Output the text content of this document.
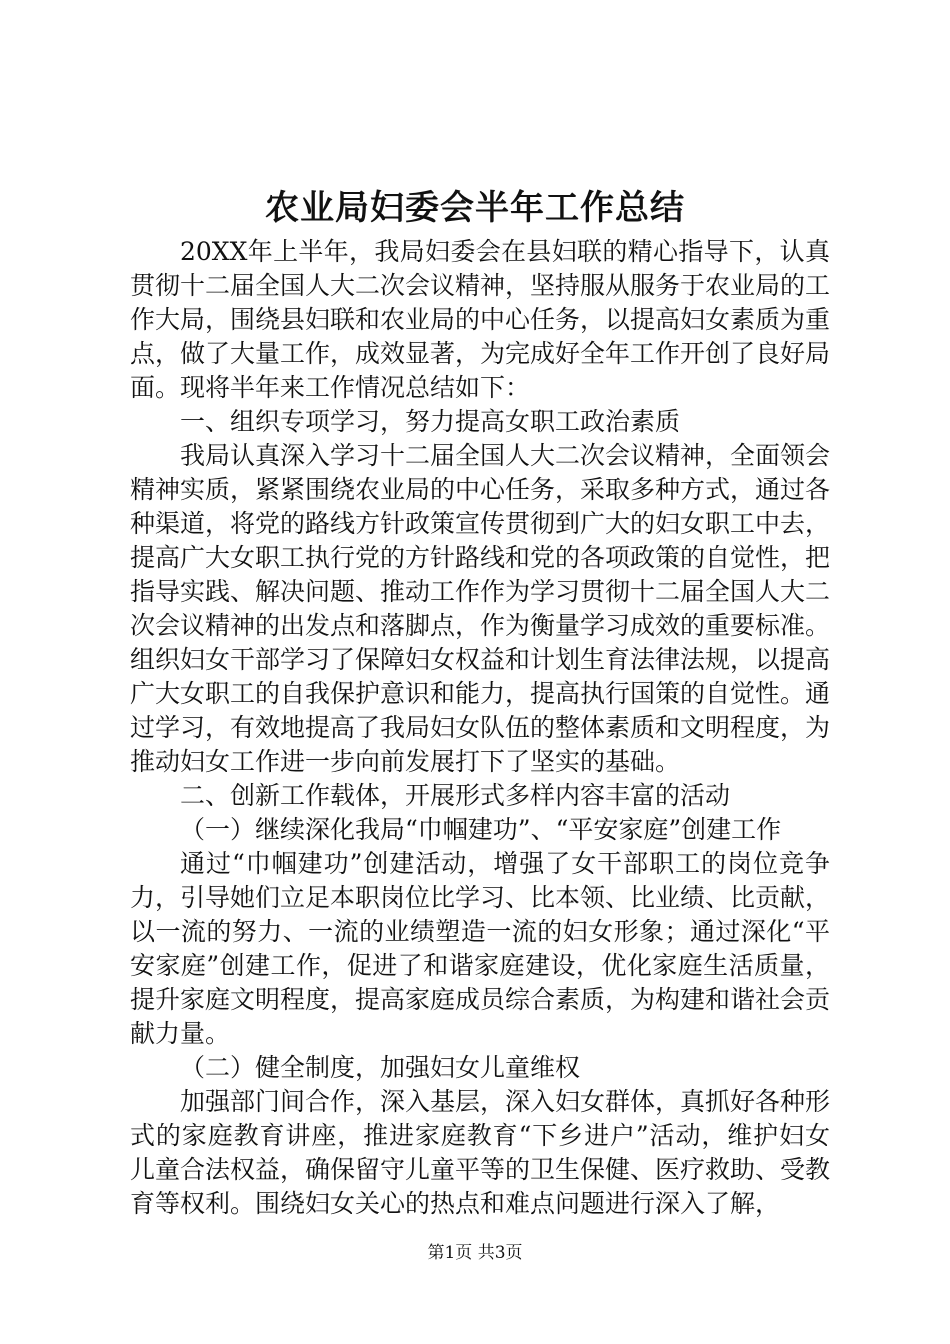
农业局妇委会半年工作总结

20XX年上半年，我局妇委会在县妇联的精心指导下，认真贯彻十二届全国人大二次会议精神，坚持服从服务于农业局的工作大局，围绕县妇联和农业局的中心任务，以提高妇女素质为重点，做了大量工作，成效显著，为完成好全年工作开创了良好局面。现将半年来工作情况总结如下：

一、组织专项学习，努力提高女职工政治素质

我局认真深入学习十二届全国人大二次会议精神，全面领会精神实质，紧紧围绕农业局的中心任务，采取多种方式，通过各种渠道，将党的路线方针政策宣传贯彻到广大的妇女职工中去，提高广大女职工执行党的方针路线和党的各项政策的自觉性，把指导实践、解决问题、推动工作作为学习贯彻十二届全国人大二次会议精神的出发点和落脚点，作为衡量学习成效的重要标准。组织妇女干部学习了保障妇女权益和计划生育法律法规，以提高广大女职工的自我保护意识和能力，提高执行国策的自觉性。通过学习，有效地提高了我局妇女队伍的整体素质和文明程度，为推动妇女工作进一步向前发展打下了坚实的基础。

二、创新工作载体，开展形式多样内容丰富的活动

（一）继续深化我局“巾帼建功”、“平安家庭”创建工作

通过“巾帼建功”创建活动，增强了女干部职工的岗位竞争力，引导她们立足本职岗位比学习、比本领、比业绩、比贡献，以一流的努力、一流的业绩塑造一流的妇女形象；通过深化“平安家庭”创建工作，促进了和谐家庭建设，优化家庭生活质量，提升家庭文明程度，提高家庭成员综合素质，为构建和谐社会贡献力量。

（二）健全制度，加强妇女儿童维权

加强部门间合作，深入基层，深入妇女群体，真抓好各种形式的家庭教育讲座，推进家庭教育“下乡进户”活动，维护妇女儿童合法权益，确保留守儿童平等的卫生保健、医疗救助、受教育等权利。围绕妇女关心的热点和难点问题进行深入了解，

第1页 共3页
